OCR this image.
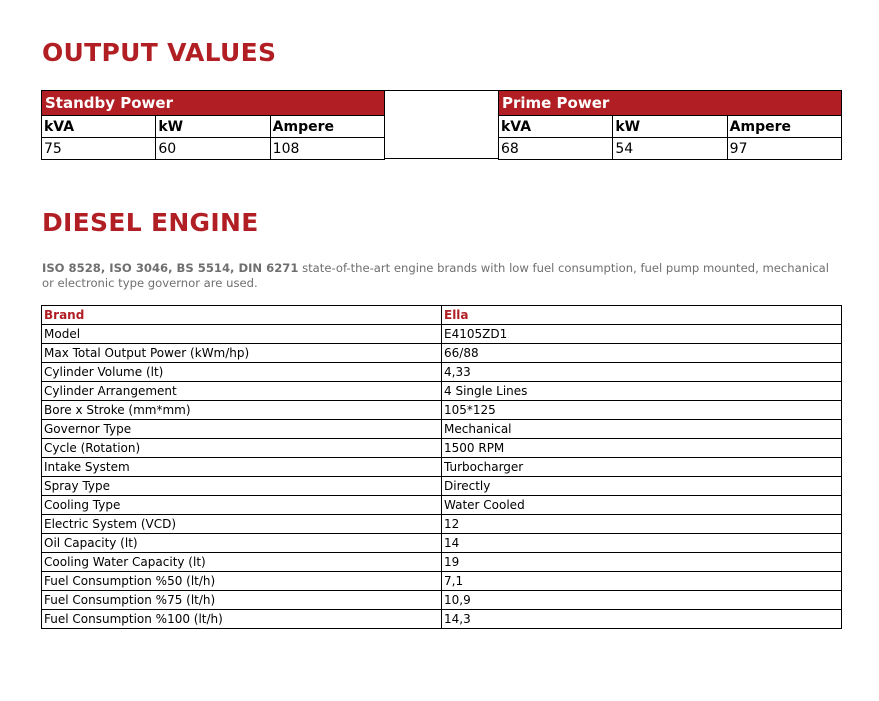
OUTPUT VALUES
Standby Power		
kVA	kW	Ampere
75	60	108
Prime Power		
kVA	kW	Ampere
68	54	97
DIESEL ENGINE

ISO 8528, ISO 3046, BS 5514, DIN 6271 state-of-the-art engine brands with low fuel consumption, fuel pump mounted, mechanical or electronic type governor are used.

Brand	Ella
Model	E4105ZD1
Max Total Output Power (kWm/hp)	66/88
Cylinder Volume (lt)	4,33
Cylinder Arrangement	4 Single Lines
Bore x Stroke (mm*mm)	105*125
Governor Type	Mechanical
Cycle (Rotation)	1500 RPM
Intake System	Turbocharger
Spray Type	Directly
Cooling Type	Water Cooled
Electric System (VCD)	12
Oil Capacity (lt)	14
Cooling Water Capacity (lt)	19
Fuel Consumption %50 (lt/h)	7,1
Fuel Consumption %75 (lt/h)	10,9
Fuel Consumption %100 (lt/h)	14,3
